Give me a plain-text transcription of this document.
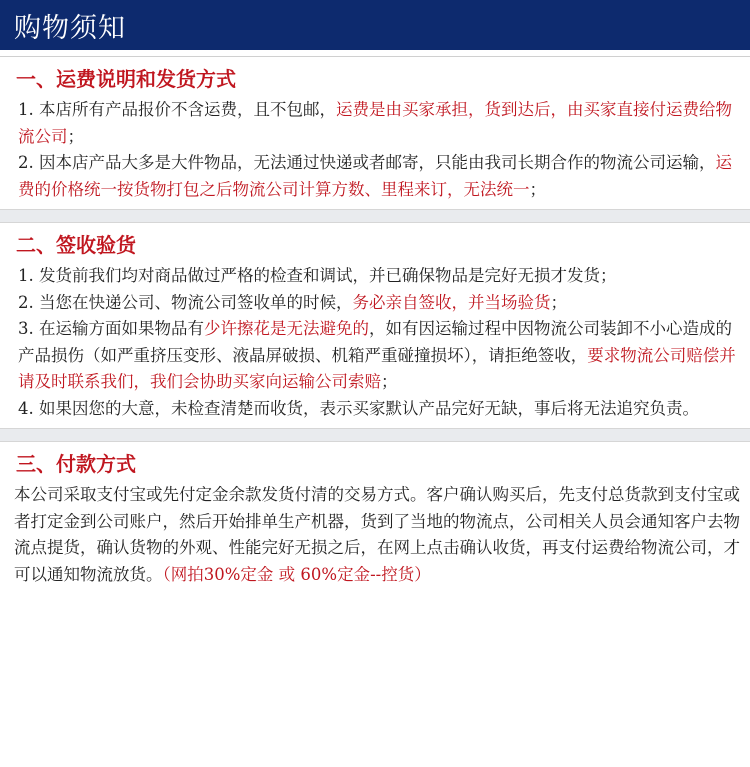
购物须知
一、运费说明和发货方式

1. 本店所有产品报价不含运费，且不包邮，运费是由买家承担，货到达后，由买家直接付运费给物流公司；

2. 因本店产品大多是大件物品，无法通过快递或者邮寄，只能由我司长期合作的物流公司运输，运费的价格统一按货物打包之后物流公司计算方数、里程来订，无法统一；

二、签收验货

1. 发货前我们均对商品做过严格的检查和调试，并已确保物品是完好无损才发货；

2. 当您在快递公司、物流公司签收单的时候，务必亲自签收，并当场验货；

3. 在运输方面如果物品有少许擦花是无法避免的，如有因运输过程中因物流公司装卸不小心造成的产品损伤（如严重挤压变形、液晶屏破损、机箱严重碰撞损坏），请拒绝签收，要求物流公司赔偿并请及时联系我们，我们会协助买家向运输公司索赔；

4. 如果因您的大意，未检查清楚而收货，表示买家默认产品完好无缺，事后将无法追究负责。

三、付款方式
本公司采取支付宝或先付定金余款发货付清的交易方式。客户确认购买后，先支付总货款到支付宝或者打定金到公司账户，然后开始排单生产机器，货到了当地的物流点，公司相关人员会通知客户去物流点提货，确认货物的外观、性能完好无损之后，在网上点击确认收货，再支付运费给物流公司，才可以通知物流放货。（网拍30%定金 或 60%定金--控货）
